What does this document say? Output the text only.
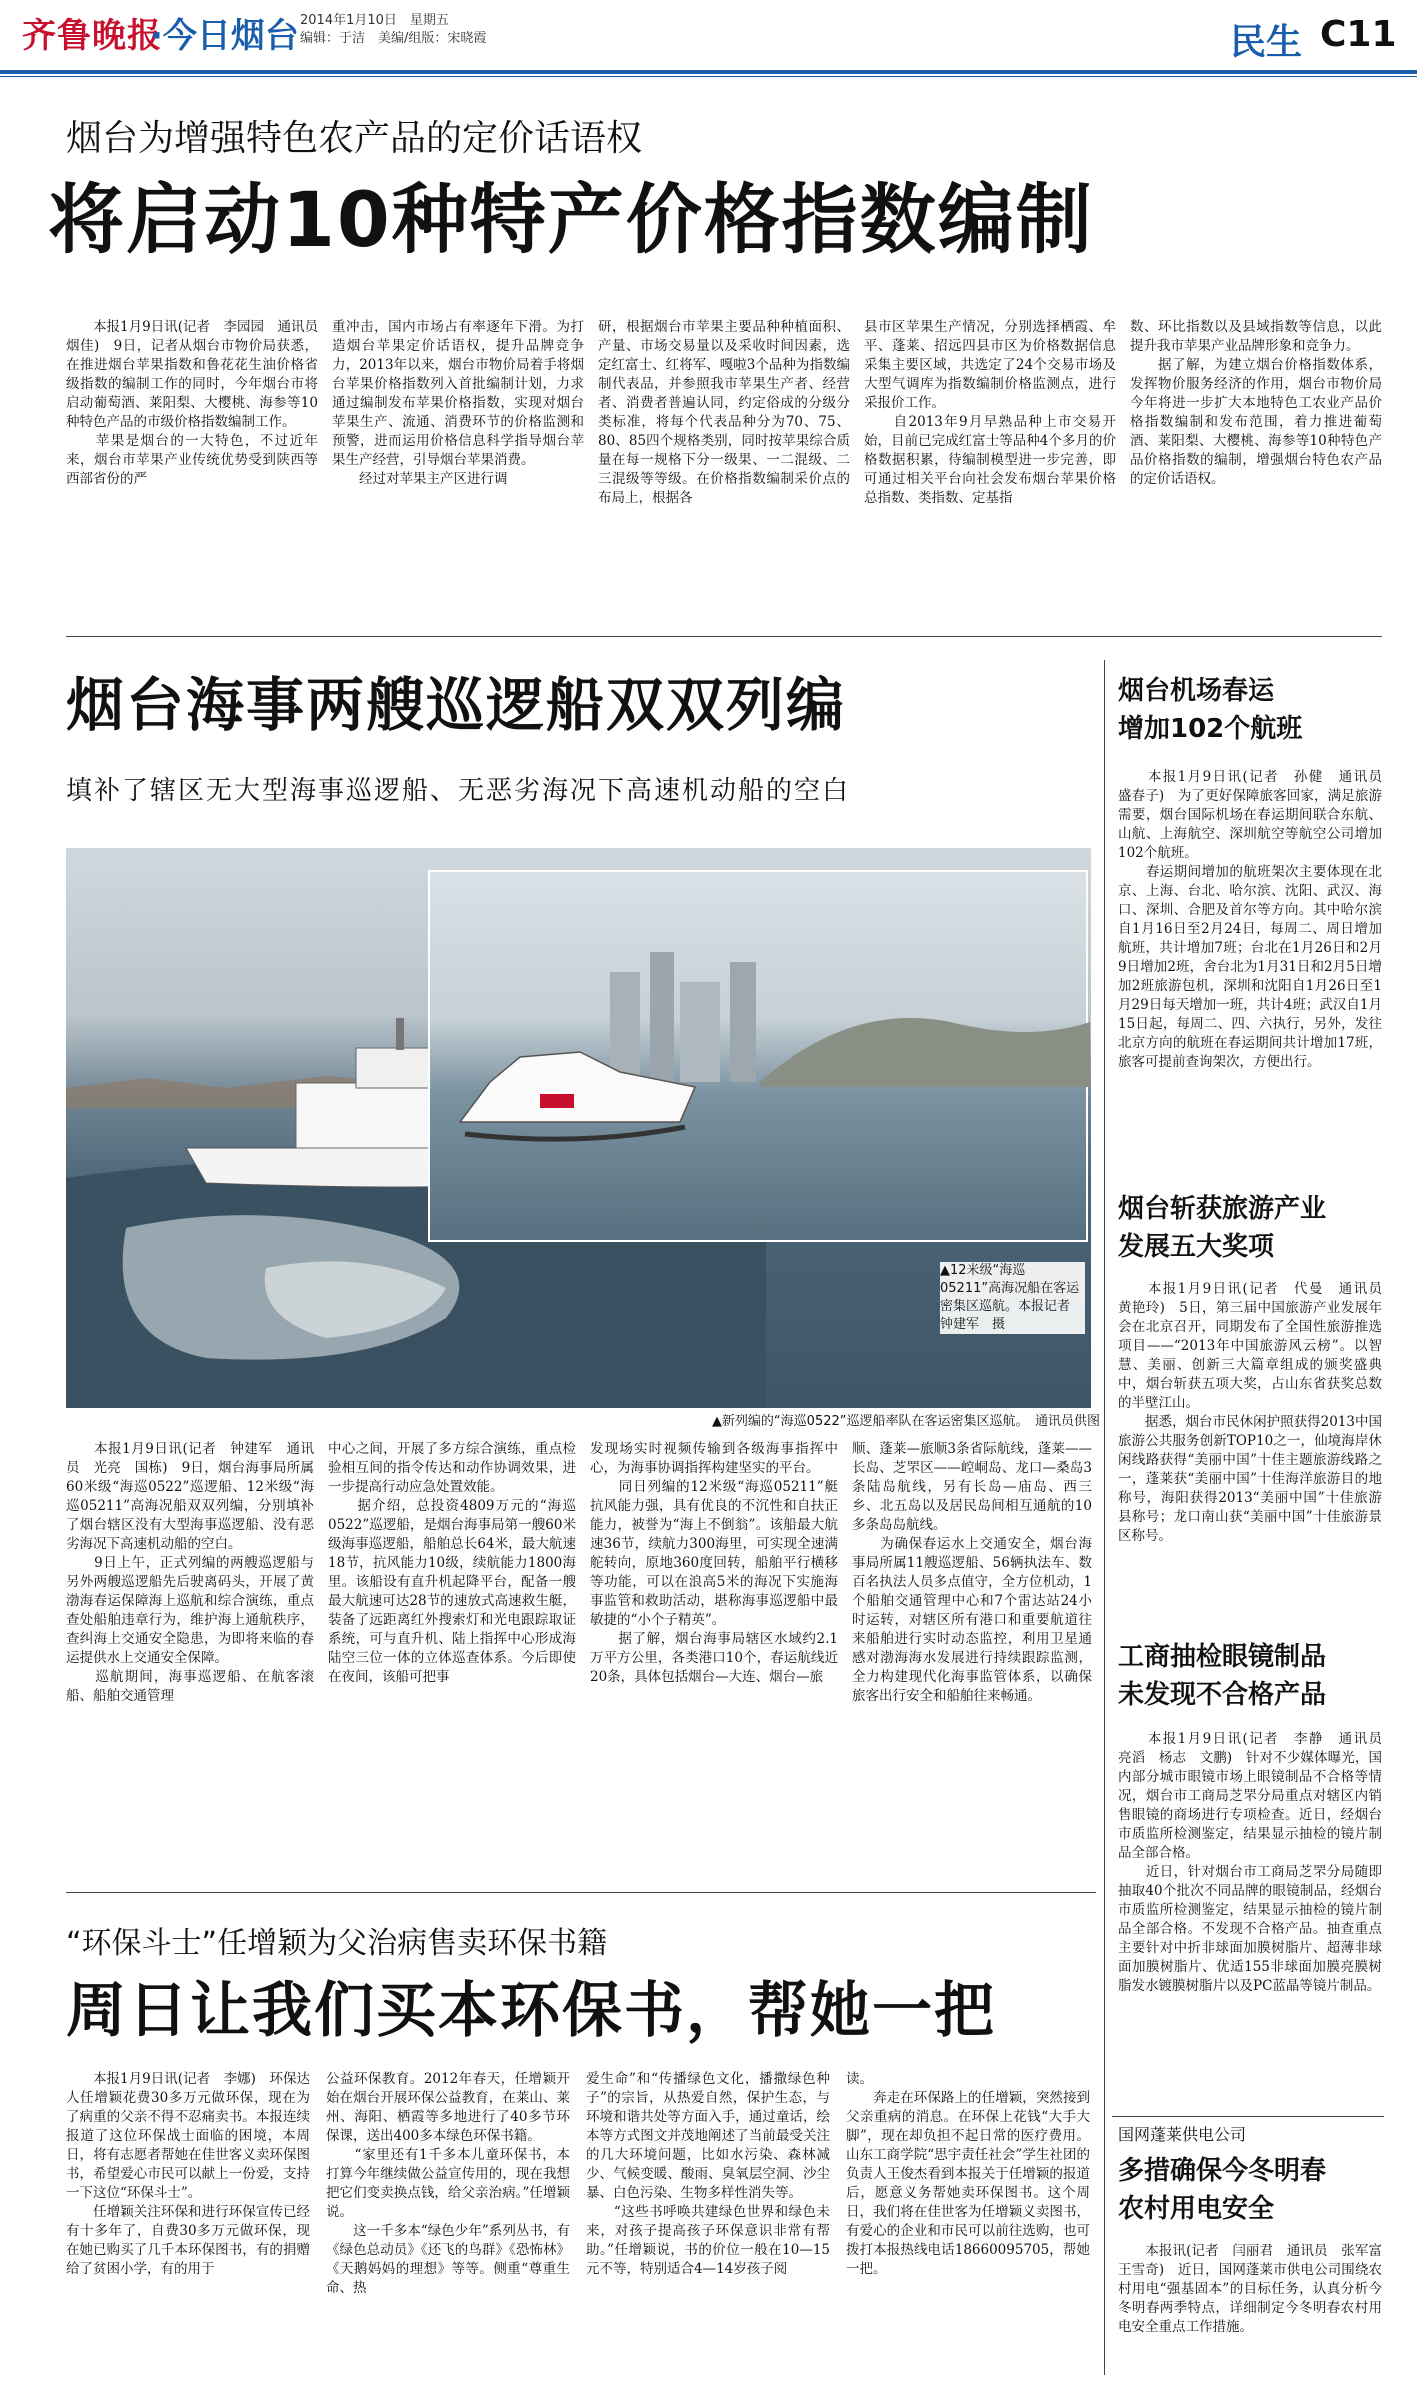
齐鲁晚报
·今日烟台 2014年1月10日　星期五
编辑：于洁　美编/组版：宋晓霞	民生 C11
烟台为增强特色农产品的定价话语权
将启动10种特产价格指数编制
　　本报1月9日讯(记者　李园园　通讯员　烟佳)　9日，记者从烟台市物价局获悉，在推进烟台苹果指数和鲁花花生油价格省级指数的编制工作的同时，今年烟台市将启动葡萄酒、莱阳梨、大樱桃、海参等10种特色产品的市级价格指数编制工作。
　　苹果是烟台的一大特色，不过近年来，烟台市苹果产业传统优势受到陕西等西部省份的严
重冲击，国内市场占有率逐年下滑。为打造烟台苹果定价话语权，提升品牌竞争力，2013年以来，烟台市物价局着手将烟台苹果价格指数列入首批编制计划，力求通过编制发布苹果价格指数，实现对烟台苹果生产、流通、消费环节的价格监测和预警，进而运用价格信息科学指导烟台苹果生产经营，引导烟台苹果消费。
　　经过对苹果主产区进行调
研，根据烟台市苹果主要品种种植面积、产量、市场交易量以及采收时间因素，选定红富士、红将军、嘎啦3个品种为指数编制代表品，并参照我市苹果生产者、经营者、消费者普遍认同，约定俗成的分级分类标准，将每个代表品种分为70、75、80、85四个规格类别，同时按苹果综合质量在每一规格下分一级果、一二混级、二三混级等等级。在价格指数编制采价点的布局上，根据各
县市区苹果生产情况，分别选择栖霞、牟平、蓬莱、招远四县市区为价格数据信息采集主要区域，共选定了24个交易市场及大型气调库为指数编制价格监测点，进行采报价工作。
　　自2013年9月早熟品种上市交易开始，目前已完成红富士等品种4个多月的价格数据积累，待编制模型进一步完善，即可通过相关平台向社会发布烟台苹果价格总指数、类指数、定基指
数、环比指数以及县域指数等信息，以此提升我市苹果产业品牌形象和竞争力。
　　据了解，为建立烟台价格指数体系，发挥物价服务经济的作用，烟台市物价局今年将进一步扩大本地特色工农业产品价格指数编制和发布范围，着力推进葡萄酒、莱阳梨、大樱桃、海参等10种特色产品价格指数的编制，增强烟台特色农产品的定价话语权。
烟台海事两艘巡逻船双双列编
填补了辖区无大型海事巡逻船、无恶劣海况下高速机动船的空白
▲12米级“海巡05211”高海况船在客运密集区巡航。本报记者　钟建军　摄
▲新列编的“海巡0522”巡逻船率队在客运密集区巡航。　通讯员供图
　　本报1月9日讯(记者　钟建军　通讯员　光亮　国栋)　9日，烟台海事局所属60米级“海巡0522”巡逻船、12米级“海巡05211”高海况船双双列编，分别填补了烟台辖区没有大型海事巡逻船、没有恶劣海况下高速机动船的空白。
　　9日上午，正式列编的两艘巡逻船与另外两艘巡逻船先后驶离码头，开展了黄渤海春运保障海上巡航和综合演练，重点查处船舶违章行为，维护海上通航秩序，查纠海上交通安全隐患，为即将来临的春运提供水上交通安全保障。
　　巡航期间，海事巡逻船、在航客滚船、船舶交通管理
中心之间，开展了多方综合演练，重点检验相互间的指令传达和动作协调效果，进一步提高行动应急处置效能。
　　据介绍，总投资4809万元的“海巡0522”巡逻船，是烟台海事局第一艘60米级海事巡逻船，船舶总长64米，最大航速18节，抗风能力10级，续航能力1800海里。该船设有直升机起降平台，配备一艘最大航速可达28节的速放式高速救生艇，装备了远距离红外搜索灯和光电跟踪取证系统，可与直升机、陆上指挥中心形成海陆空三位一体的立体巡查体系。今后即使在夜间，该船可把事
发现场实时视频传输到各级海事指挥中心，为海事协调指挥构建坚实的平台。
　　同日列编的12米级“海巡05211”艇抗风能力强，具有优良的不沉性和自扶正能力，被誉为“海上不倒翁”。该船最大航速36节，续航力300海里，可实现全速满舵转向，原地360度回转，船舶平行横移等功能，可以在浪高5米的海况下实施海事监管和救助活动，堪称海事巡逻船中最敏捷的“小个子精英”。
　　据了解，烟台海事局辖区水域约2.1万平方公里，各类港口10个，春运航线近20条，具体包括烟台—大连、烟台—旅
顺、蓬莱—旅顺3条省际航线，蓬莱——长岛、芝罘区——崆峒岛、龙口—桑岛3条陆岛航线，另有长岛—庙岛、西三乡、北五岛以及居民岛间相互通航的10多条岛岛航线。
　　为确保春运水上交通安全，烟台海事局所属11艘巡逻船、56辆执法车、数百名执法人员多点值守，全方位机动，1个船舶交通管理中心和7个雷达站24小时运转，对辖区所有港口和重要航道往来船舶进行实时动态监控，利用卫星通感对渤海海水发展进行持续跟踪监测，全力构建现代化海事监管体系，以确保旅客出行安全和船舶往来畅通。
“环保斗士”任增颖为父治病售卖环保书籍
周日让我们买本环保书，帮她一把
　　本报1月9日讯(记者　李娜)　环保达人任增颖花费30多万元做环保，现在为了病重的父亲不得不忍痛卖书。本报连续报道了这位环保战士面临的困境，本周日，将有志愿者帮她在佳世客义卖环保图书，希望爱心市民可以献上一份爱，支持一下这位“环保斗士”。
　　任增颖关注环保和进行环保宣传已经有十多年了，自费30多万元做环保，现在她已购买了几千本环保图书，有的捐赠给了贫困小学，有的用于
公益环保教育。2012年春天，任增颖开始在烟台开展环保公益教育，在莱山、莱州、海阳、栖霞等多地进行了40多节环保课，送出400多本绿色环保书籍。
　　“家里还有1千多本儿童环保书，本打算今年继续做公益宣传用的，现在我想把它们变卖换点钱，给父亲治病。”任增颖说。
　　这一千多本“绿色少年”系列丛书，有《绿色总动员》《还飞的鸟群》《恐怖林》《天鹅妈妈的理想》等等。侧重“尊重生命、热
爱生命”和“传播绿色文化，播撒绿色种子”的宗旨，从热爱自然，保护生态，与环境和谐共处等方面入手，通过童话，绘本等方式图文并茂地阐述了当前最受关注的几大环境问题，比如水污染、森林减少、气候变暖、酸雨、臭氧层空洞、沙尘暴、白色污染、生物多样性消失等。
　　“这些书呼唤共建绿色世界和绿色未来，对孩子提高孩子环保意识非常有帮助。”任增颖说，书的价位一般在10—15元不等，特别适合4—14岁孩子阅
读。
　　奔走在环保路上的任增颖，突然接到父亲重病的消息。在环保上花钱“大手大脚”，现在却负担不起日常的医疗费用。山东工商学院“思宇责任社会”学生社团的负责人王俊杰看到本报关于任增颖的报道后，愿意义务帮她卖环保图书。这个周日，我们将在佳世客为任增颖义卖图书，有爱心的企业和市民可以前往选购，也可拨打本报热线电话18660095705，帮她一把。
烟台机场春运
增加102个航班
　　本报1月9日讯(记者　孙健　通讯员　盛春子)　为了更好保障旅客回家，满足旅游需要，烟台国际机场在春运期间联合东航、山航、上海航空、深圳航空等航空公司增加102个航班。
　　春运期间增加的航班架次主要体现在北京、上海、台北、哈尔滨、沈阳、武汉、海口、深圳、合肥及首尔等方向。其中哈尔滨自1月16日至2月24日，每周二、周日增加航班，共计增加7班；台北在1月26日和2月9日增加2班，舍台北为1月31日和2月5日增加2班旅游包机，深圳和沈阳自1月26日至1月29日每天增加一班，共计4班；武汉自1月15日起，每周二、四、六执行，另外，发往北京方向的航班在春运期间共计增加17班，旅客可提前查询架次，方便出行。
烟台斩获旅游产业
发展五大奖项
　　本报1月9日讯(记者　代曼　通讯员　黄艳玲)　5日，第三届中国旅游产业发展年会在北京召开，同期发布了全国性旅游推选项目——“2013年中国旅游风云榜”。以智慧、美丽、创新三大篇章组成的颁奖盛典中，烟台斩获五项大奖，占山东省获奖总数的半壁江山。
　　据悉，烟台市民休闲护照获得2013中国旅游公共服务创新TOP10之一，仙境海岸休闲线路获得“美丽中国”十佳主题旅游线路之一，蓬莱获“美丽中国”十佳海洋旅游目的地称号，海阳获得2013“美丽中国”十佳旅游县称号；龙口南山获“美丽中国”十佳旅游景区称号。
工商抽检眼镜制品
未发现不合格产品
　　本报1月9日讯(记者　李静　通讯员　亮滔　杨志　文鹏)　针对不少媒体曝光，国内部分城市眼镜市场上眼镜制品不合格等情况，烟台市工商局芝罘分局重点对辖区内销售眼镜的商场进行专项检查。近日，经烟台市质监所检测鉴定，结果显示抽检的镜片制品全部合格。
　　近日，针对烟台市工商局芝罘分局随即抽取40个批次不同品牌的眼镜制品，经烟台市质监所检测鉴定，结果显示抽检的镜片制品全部合格。不发现不合格产品。抽查重点主要针对中折非球面加膜树脂片、超薄非球面加膜树脂片、优适155非球面加膜亮膜树脂发水镀膜树脂片以及PC蓝晶等镜片制品。
国网蓬莱供电公司
多措确保今冬明春
农村用电安全
　　本报讯(记者　闫丽君　通讯员　张军富　王雪奇)　近日，国网蓬莱市供电公司围绕农村用电“强基固本”的目标任务，认真分析今冬明春两季特点，详细制定今冬明春农村用电安全重点工作措施。
